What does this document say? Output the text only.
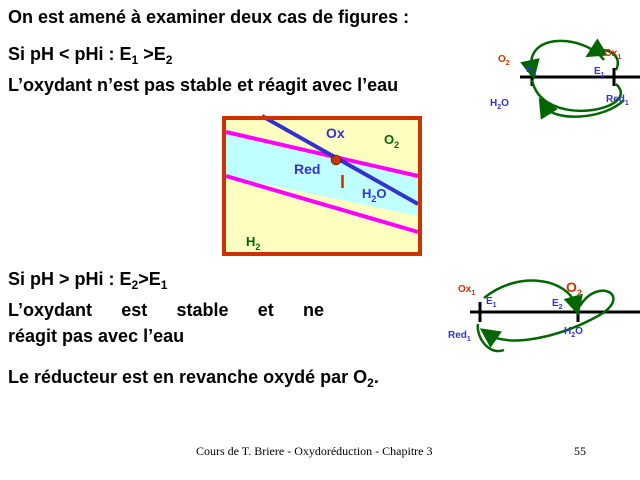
On est amené à examiner deux cas de figures :
Si pH < pHi : $E_1 >E_2$
L’oxydant n’est pas stable et réagit avec l’eau
Ox	$O_2$
Red
I
$H_2O$
$H_2$
$O_2$
$E_2$	$E_1$
$Ox_1$
Red$_1$
$H_2O$
Si pH > pHi : $E_2>E_1$
L’oxydant est stable et ne
réagit pas avec l’eau
Le réducteur est en revanche oxydé par $O_2$.
$Ox_1$
$E_1$	$E_2$
$O_2$
Red$_1$
$H_2O$
Cours de T. Briere - Oxydoréduction - Chapitre 3	55
